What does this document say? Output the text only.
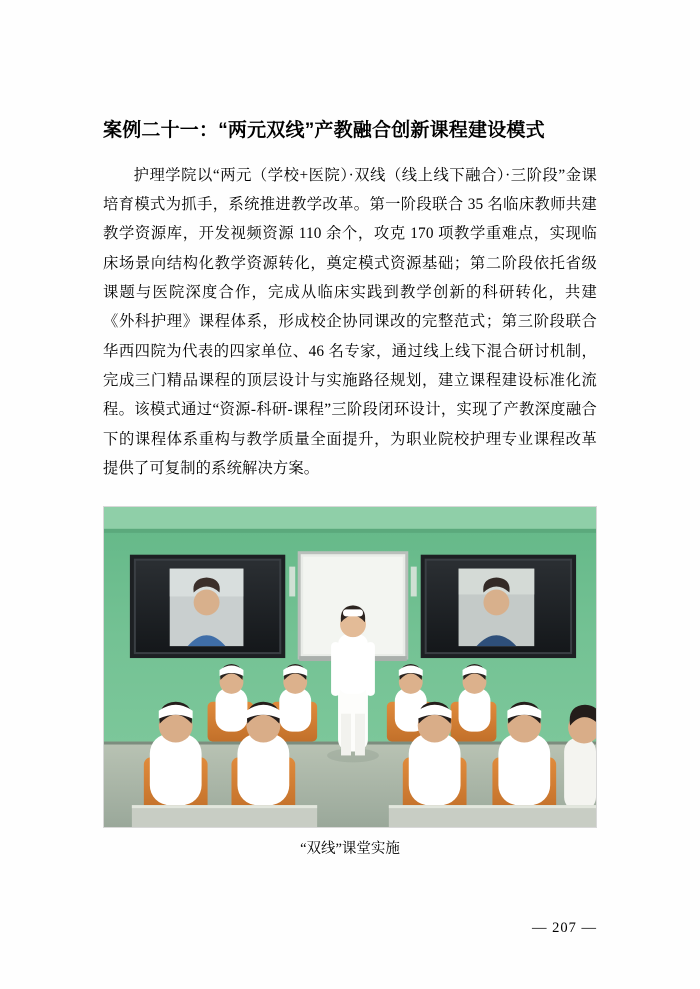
案例二十一：“两元双线”产教融合创新课程建设模式

护理学院以“两元（学校+医院）·双线（线上线下融合）·三阶段”金课培育模式为抓手，系统推进教学改革。第一阶段联合 35 名临床教师共建教学资源库，开发视频资源 110 余个，攻克 170 项教学重难点，实现临床场景向结构化教学资源转化，奠定模式资源基础；第二阶段依托省级课题与医院深度合作，完成从临床实践到教学创新的科研转化，共建《外科护理》课程体系，形成校企协同课改的完整范式；第三阶段联合华西四院为代表的四家单位、46 名专家，通过线上线下混合研讨机制，完成三门精品课程的顶层设计与实施路径规划，建立课程建设标准化流程。该模式通过“资源-科研-课程”三阶段闭环设计，实现了产教深度融合下的课程体系重构与教学质量全面提升，为职业院校护理专业课程改革提供了可复制的系统解决方案。

“双线”课堂实施

— 207 —
